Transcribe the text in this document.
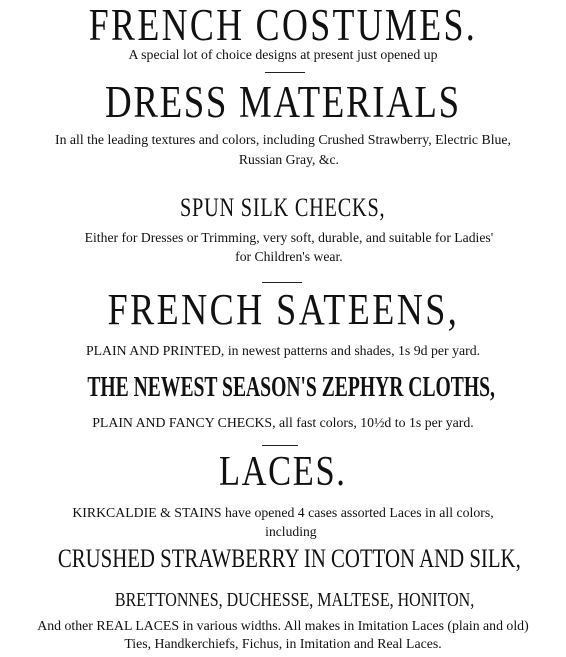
FRENCH COSTUMES.
A special lot of choice designs at present just opened up
DRESS MATERIALS
In all the leading textures and colors, including Crushed Strawberry, Electric Blue,
Russian Gray, &c.
SPUN SILK CHECKS,
Either for Dresses or Trimming, very soft, durable, and suitable for Ladies'
for Children's wear.
FRENCH SATEENS,
PLAIN AND PRINTED, in newest patterns and shades, 1s 9d per yard.
THE NEWEST SEASON'S ZEPHYR CLOTHS,
PLAIN AND FANCY CHECKS, all fast colors, 10½d to 1s per yard.
LACES.
KIRKCALDIE & STAINS have opened 4 cases assorted Laces in all colors,
including
CRUSHED STRAWBERRY IN COTTON AND SILK,
BRETTONNES, DUCHESSE, MALTESE, HONITON,
And other REAL LACES in various widths. All makes in Imitation Laces (plain and old)
Ties, Handkerchiefs, Fichus, in Imitation and Real Laces.
